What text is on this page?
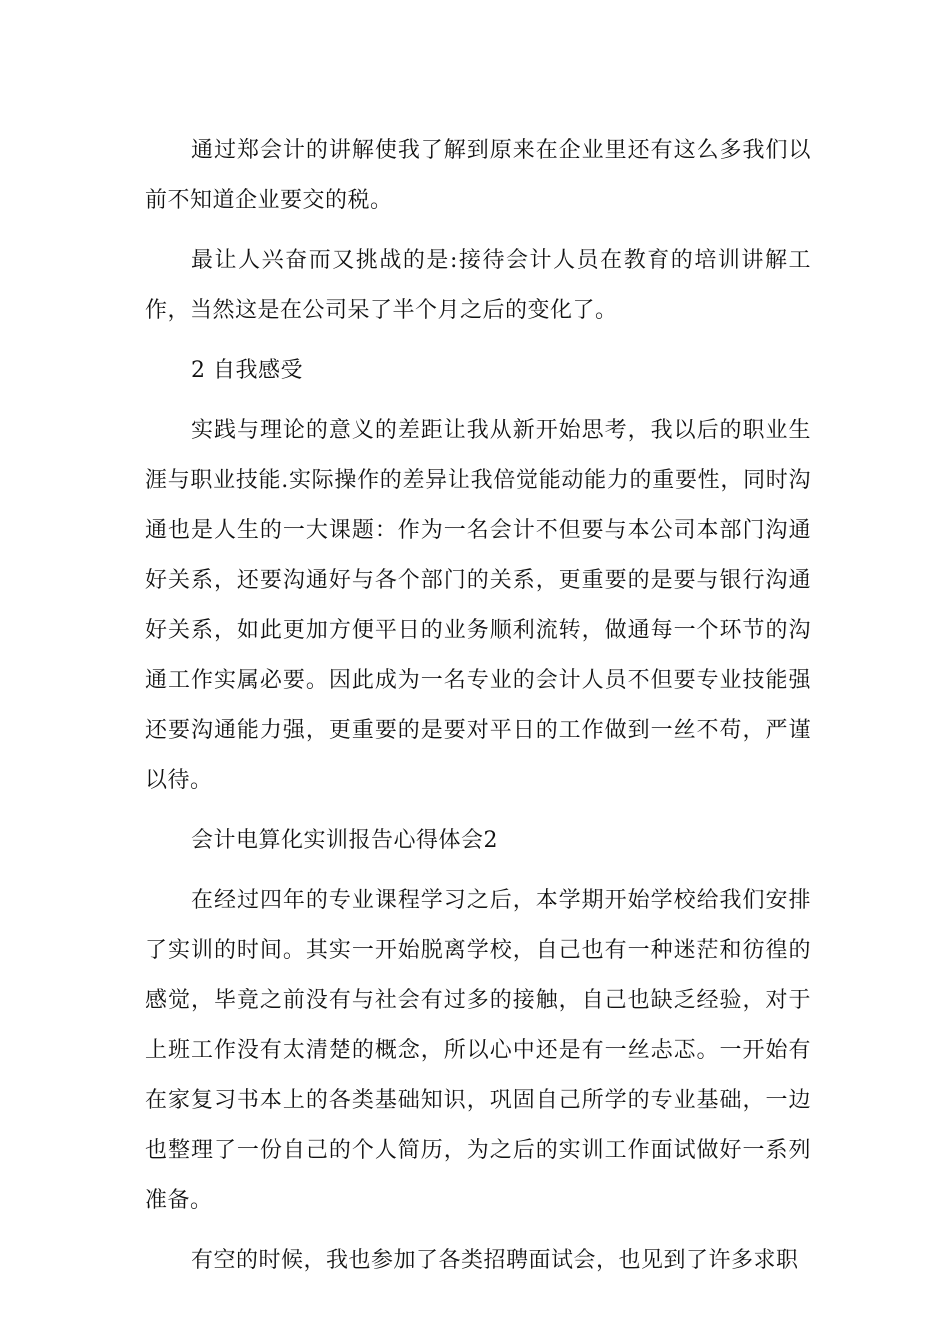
通过郑会计的讲解使我了解到原来在企业里还有这么多我们以前不知道企业要交的税。

最让人兴奋而又挑战的是:接待会计人员在教育的培训讲解工作，当然这是在公司呆了半个月之后的变化了。

2 自我感受

实践与理论的意义的差距让我从新开始思考，我以后的职业生涯与职业技能.实际操作的差异让我倍觉能动能力的重要性，同时沟通也是人生的一大课题：作为一名会计不但要与本公司本部门沟通好关系，还要沟通好与各个部门的关系，更重要的是要与银行沟通好关系，如此更加方便平日的业务顺利流转，做通每一个环节的沟通工作实属必要。因此成为一名专业的会计人员不但要专业技能强还要沟通能力强，更重要的是要对平日的工作做到一丝不苟，严谨以待。

会计电算化实训报告心得体会2

在经过四年的专业课程学习之后，本学期开始学校给我们安排了实训的时间。其实一开始脱离学校，自己也有一种迷茫和彷徨的感觉，毕竟之前没有与社会有过多的接触，自己也缺乏经验，对于上班工作没有太清楚的概念，所以心中还是有一丝忐忑。一开始有在家复习书本上的各类基础知识，巩固自己所学的专业基础，一边也整理了一份自己的个人简历，为之后的实训工作面试做好一系列准备。

有空的时候，我也参加了各类招聘面试会，也见到了许多求职
